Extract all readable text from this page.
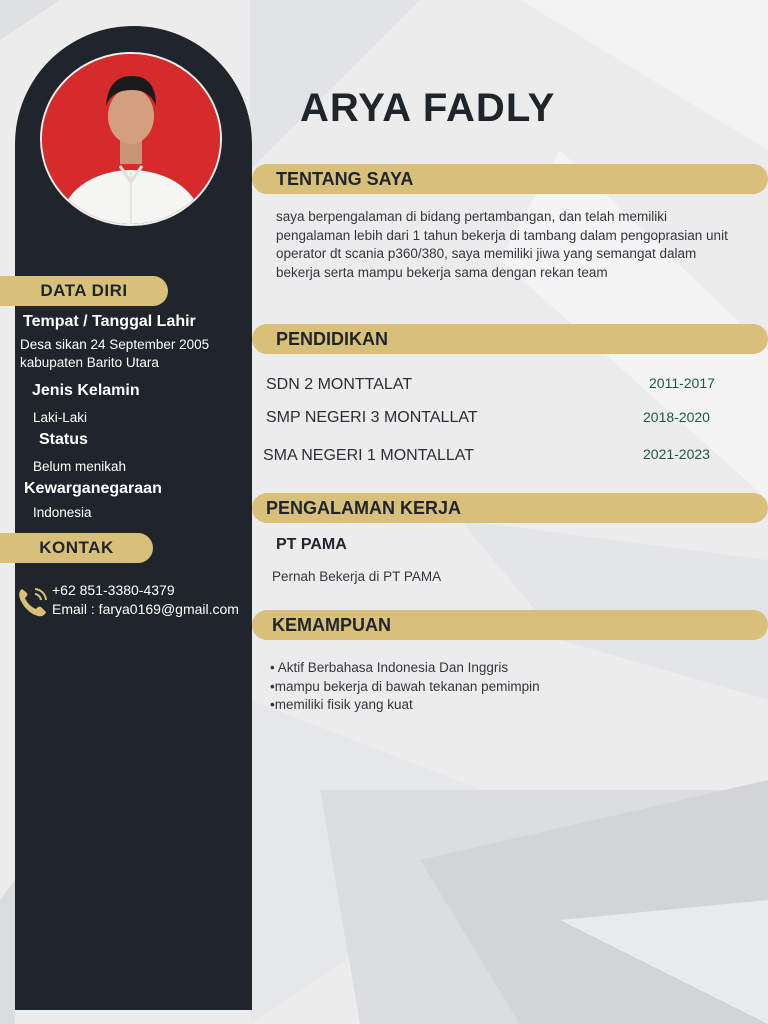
ARYA FADLY
DATA DIRI
Tempat / Tanggal Lahir
Desa sikan 24 September 2005
kabupaten Barito Utara
Jenis Kelamin
Laki-Laki
Status
Belum menikah
Kewarganegaraan
Indonesia
KONTAK
+62 851-3380-4379
Email : farya0169@gmail.com
TENTANG SAYA
saya berpengalaman di bidang pertambangan, dan telah memiliki pengalaman lebih dari 1 tahun bekerja di tambang dalam pengoprasian unit operator dt scania p360/380, saya memiliki jiwa yang semangat dalam bekerja serta mampu bekerja sama dengan rekan team
PENDIDIKAN
SDN 2 MONTTALAT	2011-2017
SMP NEGERI 3 MONTALLAT	2018-2020
SMA NEGERI 1 MONTALLAT	2021-2023
PENGALAMAN KERJA
PT PAMA
Pernah Bekerja di PT PAMA
KEMAMPUAN
• Aktif Berbahasa Indonesia Dan Inggris
•mampu bekerja di bawah tekanan pemimpin
•memiliki fisik yang kuat
